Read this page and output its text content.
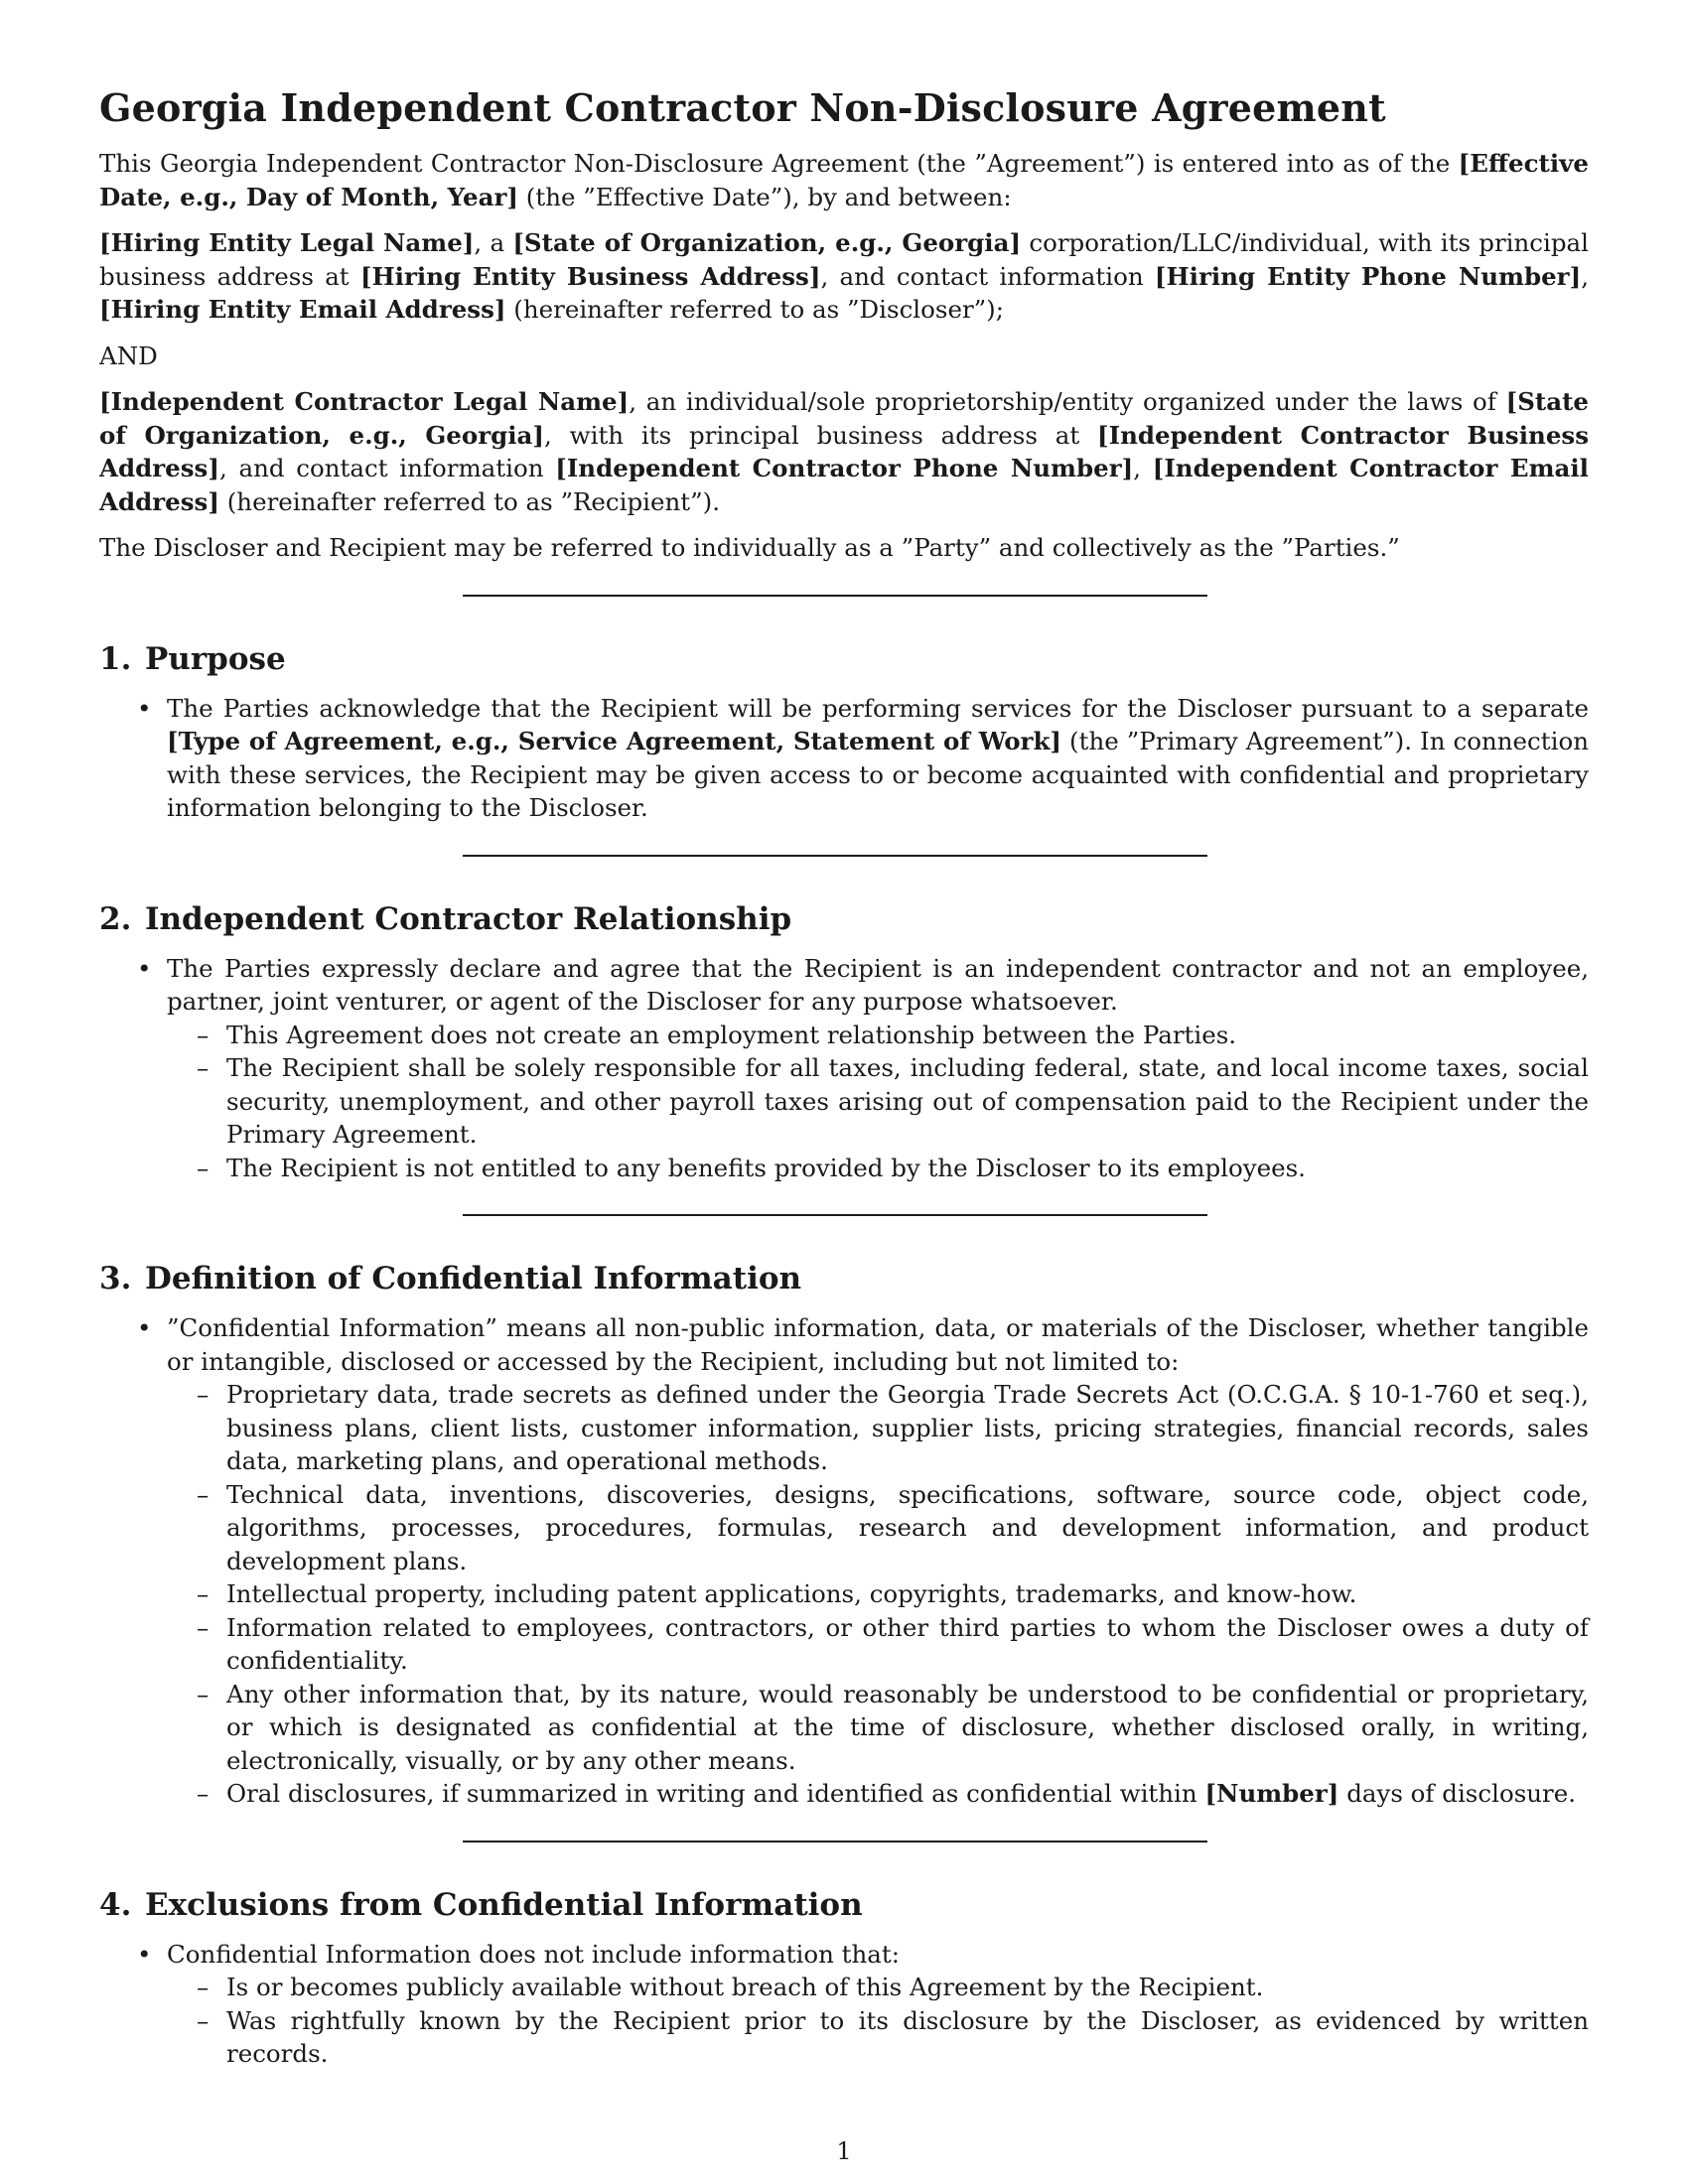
Georgia Independent Contractor Non-Disclosure Agreement

This Georgia Independent Contractor Non-Disclosure Agreement (the ”Agreement”) is entered into as of the [Effective Date, e.g., Day of Month, Year] (the ”Effective Date”), by and between:

[Hiring Entity Legal Name], a [State of Organization, e.g., Georgia] corporation/LLC/individual, with its principal business address at [Hiring Entity Business Address], and contact information [Hiring Entity Phone Number], [Hiring Entity Email Address] (hereinafter referred to as ”Discloser”);

AND

[Independent Contractor Legal Name], an individual/sole proprietorship/entity organized under the laws of [State of Organization, e.g., Georgia], with its principal business address at [Independent Contractor Business Address], and contact information [Independent Contractor Phone Number], [Independent Contractor Email Address] (hereinafter referred to as ”Recipient”).

The Discloser and Recipient may be referred to individually as a ”Party” and collectively as the ”Parties.”

1. Purpose
• The Parties acknowledge that the Recipient will be performing services for the Discloser pursuant to a separate [Type of Agreement, e.g., Service Agreement, Statement of Work] (the ”Primary Agreement”). In connection with these services, the Recipient may be given access to or become acquainted with confidential and proprietary information belonging to the Discloser.
2. Independent Contractor Relationship
• The Parties expressly declare and agree that the Recipient is an independent contractor and not an employee, partner, joint venturer, or agent of the Discloser for any purpose whatsoever.
– This Agreement does not create an employment relationship between the Parties.
– The Recipient shall be solely responsible for all taxes, including federal, state, and local income taxes, social security, unemployment, and other payroll taxes arising out of compensation paid to the Recipient under the Primary Agreement.
– The Recipient is not entitled to any benefits provided by the Discloser to its employees.
3. Definition of Confidential Information
• ”Confidential Information” means all non-public information, data, or materials of the Discloser, whether tangible or intangible, disclosed or accessed by the Recipient, including but not limited to:
– Proprietary data, trade secrets as defined under the Georgia Trade Secrets Act (O.C.G.A. § 10-1-760 et seq.), business plans, client lists, customer information, supplier lists, pricing strategies, financial records, sales data, marketing plans, and operational methods.
– Technical data, inventions, discoveries, designs, specifications, software, source code, object code, algorithms, processes, procedures, formulas, research and development information, and product development plans.
– Intellectual property, including patent applications, copyrights, trademarks, and know-how.
– Information related to employees, contractors, or other third parties to whom the Discloser owes a duty of confidentiality.
– Any other information that, by its nature, would reasonably be understood to be confidential or proprietary, or which is designated as confidential at the time of disclosure, whether disclosed orally, in writing, electronically, visually, or by any other means.
– Oral disclosures, if summarized in writing and identified as confidential within [Number] days of disclosure.
4. Exclusions from Confidential Information
• Confidential Information does not include information that:
– Is or becomes publicly available without breach of this Agreement by the Recipient.
– Was rightfully known by the Recipient prior to its disclosure by the Discloser, as evidenced by written records.
1
